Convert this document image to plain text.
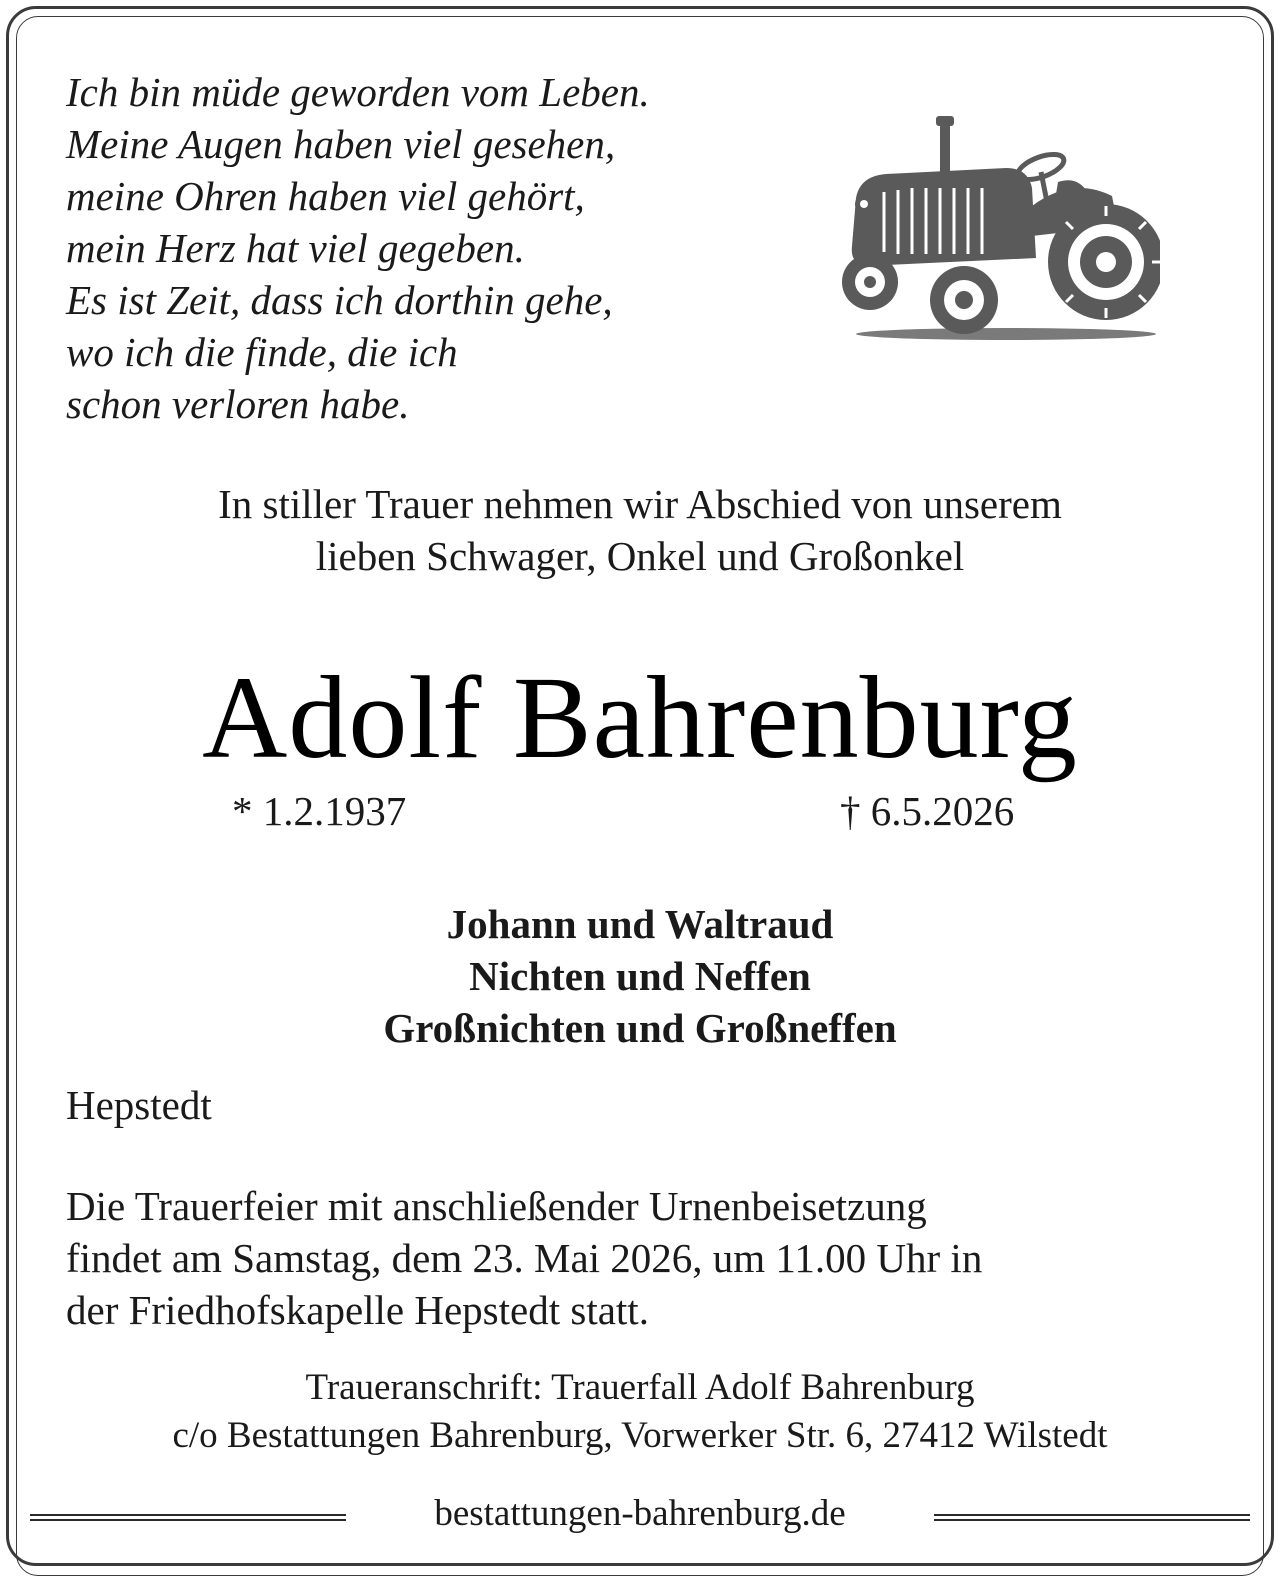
Ich bin müde geworden vom Leben.
Meine Augen haben viel gesehen,
meine Ohren haben viel gehört,
mein Herz hat viel gegeben.
Es ist Zeit, dass ich dorthin gehe,
wo ich die finde, die ich
schon verloren habe.
In stiller Trauer nehmen wir Abschied von unserem
lieben Schwager, Onkel und Großonkel
Adolf Bahrenburg
* 1.2.1937	† 6.5.2026
Johann und Waltraud
Nichten und Neffen
Großnichten und Großneffen
Hepstedt
Die Trauerfeier mit anschließender Urnenbeisetzung
findet am Samstag, dem 23. Mai 2026, um 11.00 Uhr in
der Friedhofskapelle Hepstedt statt.
Traueranschrift: Trauerfall Adolf Bahrenburg
c/o Bestattungen Bahrenburg, Vorwerker Str. 6, 27412 Wilstedt
bestattungen-bahrenburg.de
